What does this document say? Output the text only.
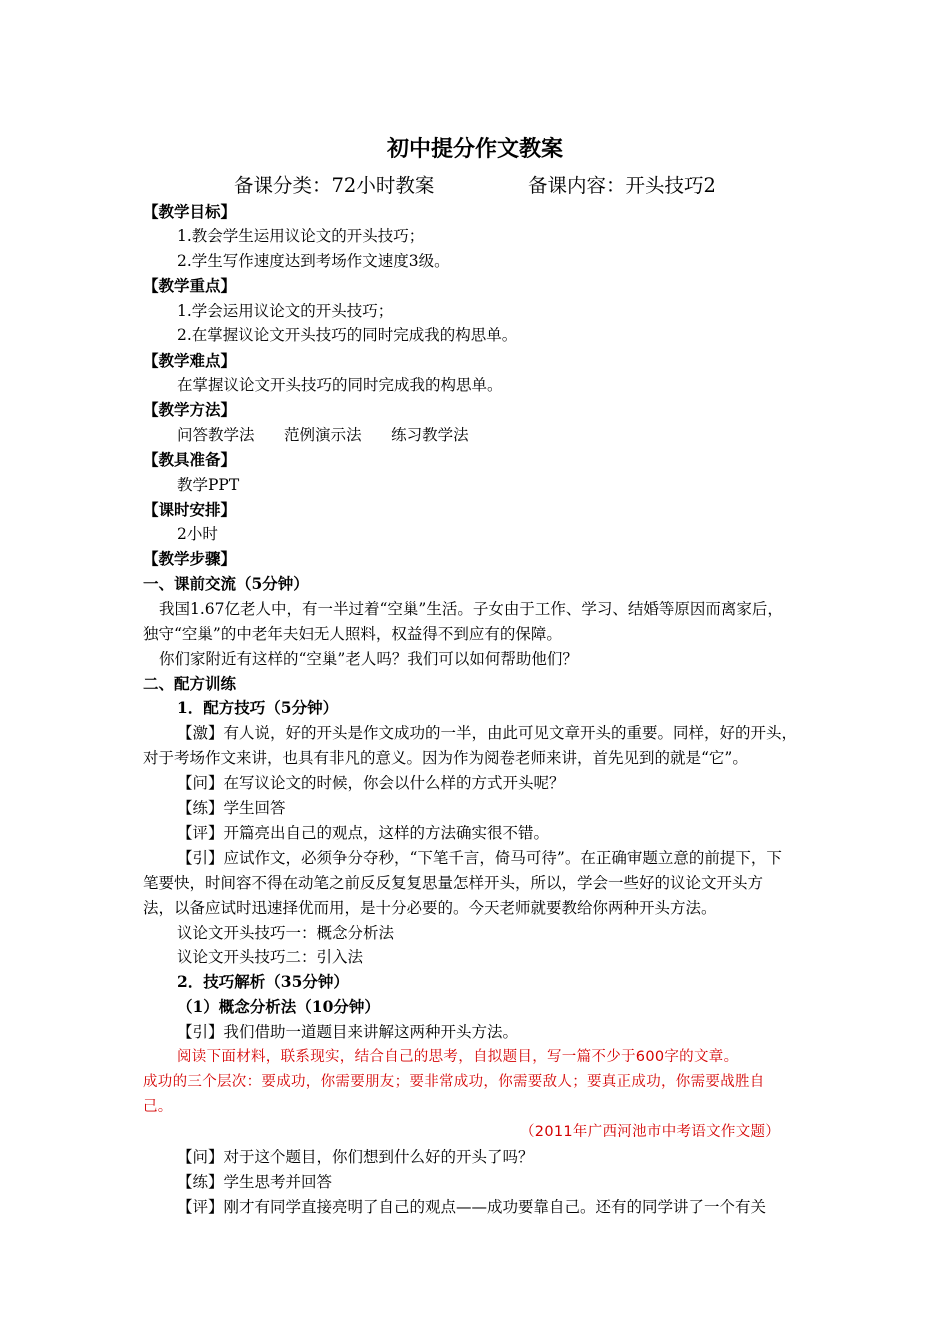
初中提分作文教案
备课分类：72小时教案	备课内容：开头技巧2
【教学目标】
1.教会学生运用议论文的开头技巧；
2.学生写作速度达到考场作文速度3级。
【教学重点】
1.学会运用议论文的开头技巧；
2.在掌握议论文开头技巧的同时完成我的构思单。
【教学难点】
在掌握议论文开头技巧的同时完成我的构思单。
【教学方法】
问答教学法      范例演示法      练习教学法
【教具准备】
教学PPT
【课时安排】
2小时
【教学步骤】
一、课前交流（5分钟）
我国1.67亿老人中，有一半过着“空巢”生活。子女由于工作、学习、结婚等原因而离家后，
独守“空巢”的中老年夫妇无人照料，权益得不到应有的保障。
你们家附近有这样的“空巢”老人吗？我们可以如何帮助他们？
二、配方训练
1．配方技巧（5分钟）
【激】有人说，好的开头是作文成功的一半，由此可见文章开头的重要。同样，好的开头，
对于考场作文来讲，也具有非凡的意义。因为作为阅卷老师来讲，首先见到的就是“它”。
【问】在写议论文的时候，你会以什么样的方式开头呢？
【练】学生回答
【评】开篇亮出自己的观点，这样的方法确实很不错。
【引】应试作文，必须争分夺秒，“下笔千言，倚马可待”。在正确审题立意的前提下，下
笔要快，时间容不得在动笔之前反反复复思量怎样开头，所以，学会一些好的议论文开头方
法，以备应试时迅速择优而用，是十分必要的。今天老师就要教给你两种开头方法。
议论文开头技巧一：概念分析法
议论文开头技巧二：引入法
2．技巧解析（35分钟）
（1）概念分析法（10分钟）
【引】我们借助一道题目来讲解这两种开头方法。
阅读下面材料，联系现实，结合自己的思考，自拟题目，写一篇不少于600字的文章。
成功的三个层次：要成功，你需要朋友；要非常成功，你需要敌人；要真正成功，你需要战胜自
己。
（2011年广西河池市中考语文作文题）
【问】对于这个题目，你们想到什么好的开头了吗？
【练】学生思考并回答
【评】刚才有同学直接亮明了自己的观点——成功要靠自己。还有的同学讲了一个有关
